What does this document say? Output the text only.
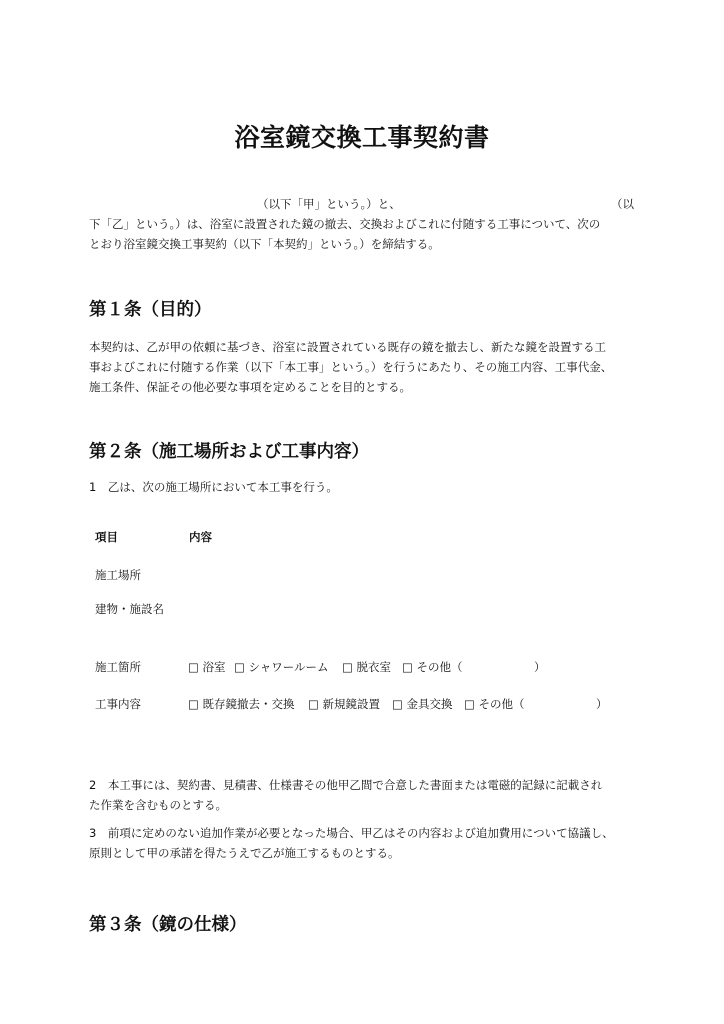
浴室鏡交換工事契約書
（以下「甲」という。）と、	（以
下「乙」という。）は、浴室に設置された鏡の撤去、交換およびこれに付随する工事について、次の
とおり浴室鏡交換工事契約（以下「本契約」という。）を締結する。
第１条（目的）
本契約は、乙が甲の依頼に基づき、浴室に設置されている既存の鏡を撤去し、新たな鏡を設置する工
事およびこれに付随する作業（以下「本工事」という。）を行うにあたり、その施工内容、工事代金、
施工条件、保証その他必要な事項を定めることを目的とする。
第２条（施工場所および工事内容）
1　乙は、次の施工場所において本工事を行う。
項目	内容
施工場所
建物・施設名
施工箇所	□ 浴室 □ シャワールーム □ 脱衣室 □ その他（	）
工事内容	□ 既存鏡撤去・交換 □ 新規鏡設置 □ 金具交換 □ その他（	）
2　本工事には、契約書、見積書、仕様書その他甲乙間で合意した書面または電磁的記録に記載され
た作業を含むものとする。
3　前項に定めのない追加作業が必要となった場合、甲乙はその内容および追加費用について協議し、
原則として甲の承諾を得たうえで乙が施工するものとする。
第３条（鏡の仕様）
